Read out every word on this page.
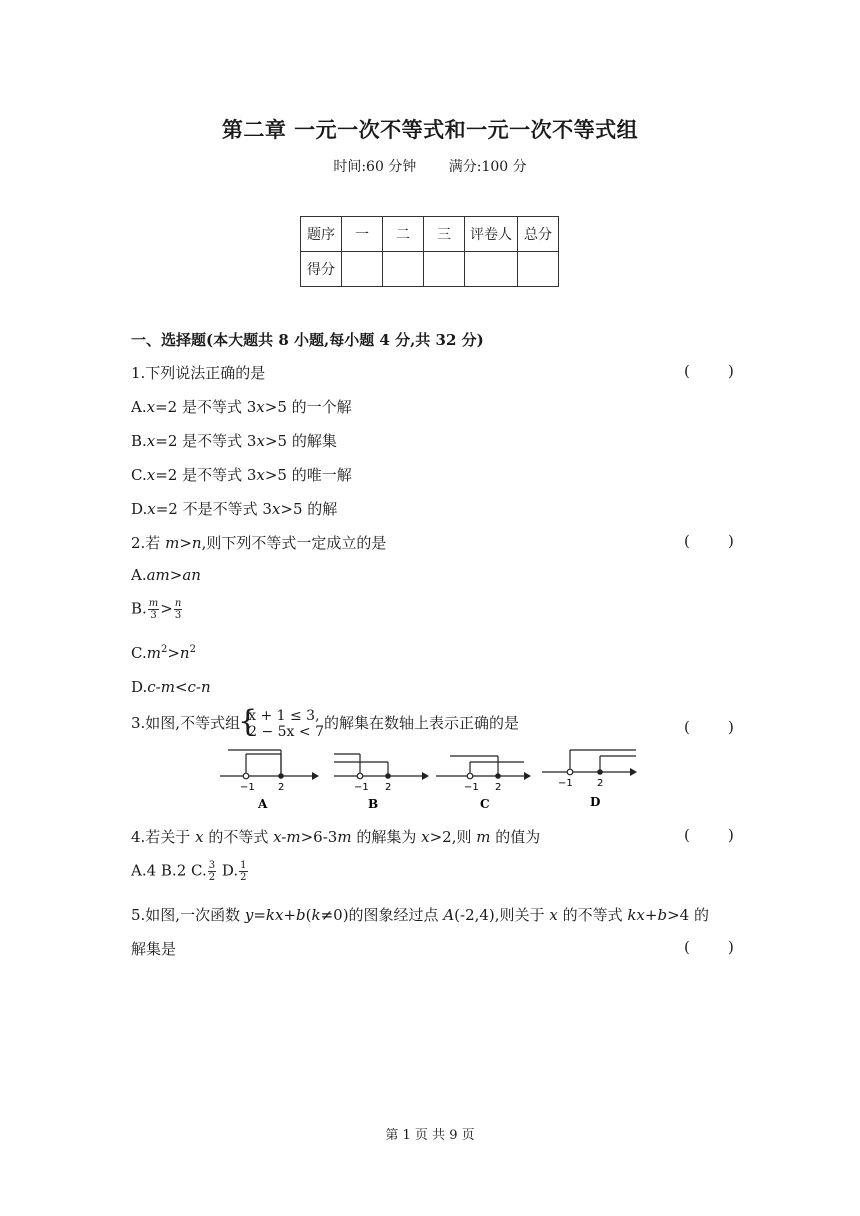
第二章 一元一次不等式和一元一次不等式组
时间:60 分钟 满分:100 分
题序	一	二	三	评卷人	总分
得分					
一、选择题(本大题共 8 小题,每小题 4 分,共 32 分)
1.下列说法正确的是	(        )
A.x=2 是不等式 3x>5 的一个解
B.x=2 是不等式 3x>5 的解集
C.x=2 是不等式 3x>5 的唯一解
D.x=2 不是不等式 3x>5 的解
2.若 m>n,则下列不等式一定成立的是	(        )
A.am>an
B. $\frac{m}{3} > \frac{n}{3}$
$C.m^2>n^2$
D.c-m<c-n
3.如图,不等式组
{
x + 1 ≤ 3,
2 − 5x < 7 的解集在数轴上表示正确的是	(        )
−1 2
A
−1 2
B
−1 2
C
−1 2
D
4.若关于 x 的不等式 x-m>6-3m 的解集为 x>2,则 m 的值为	(        )
A.4 B.2 C. $\frac{3}{2} D$. $\frac{1}{2}$
5.如图,一次函数 y=kx+b(k≠0)的图象经过点 A(-2,4),则关于 x 的不等式 kx+b>4 的
解集是	(        )
第 1 页 共 9 页
